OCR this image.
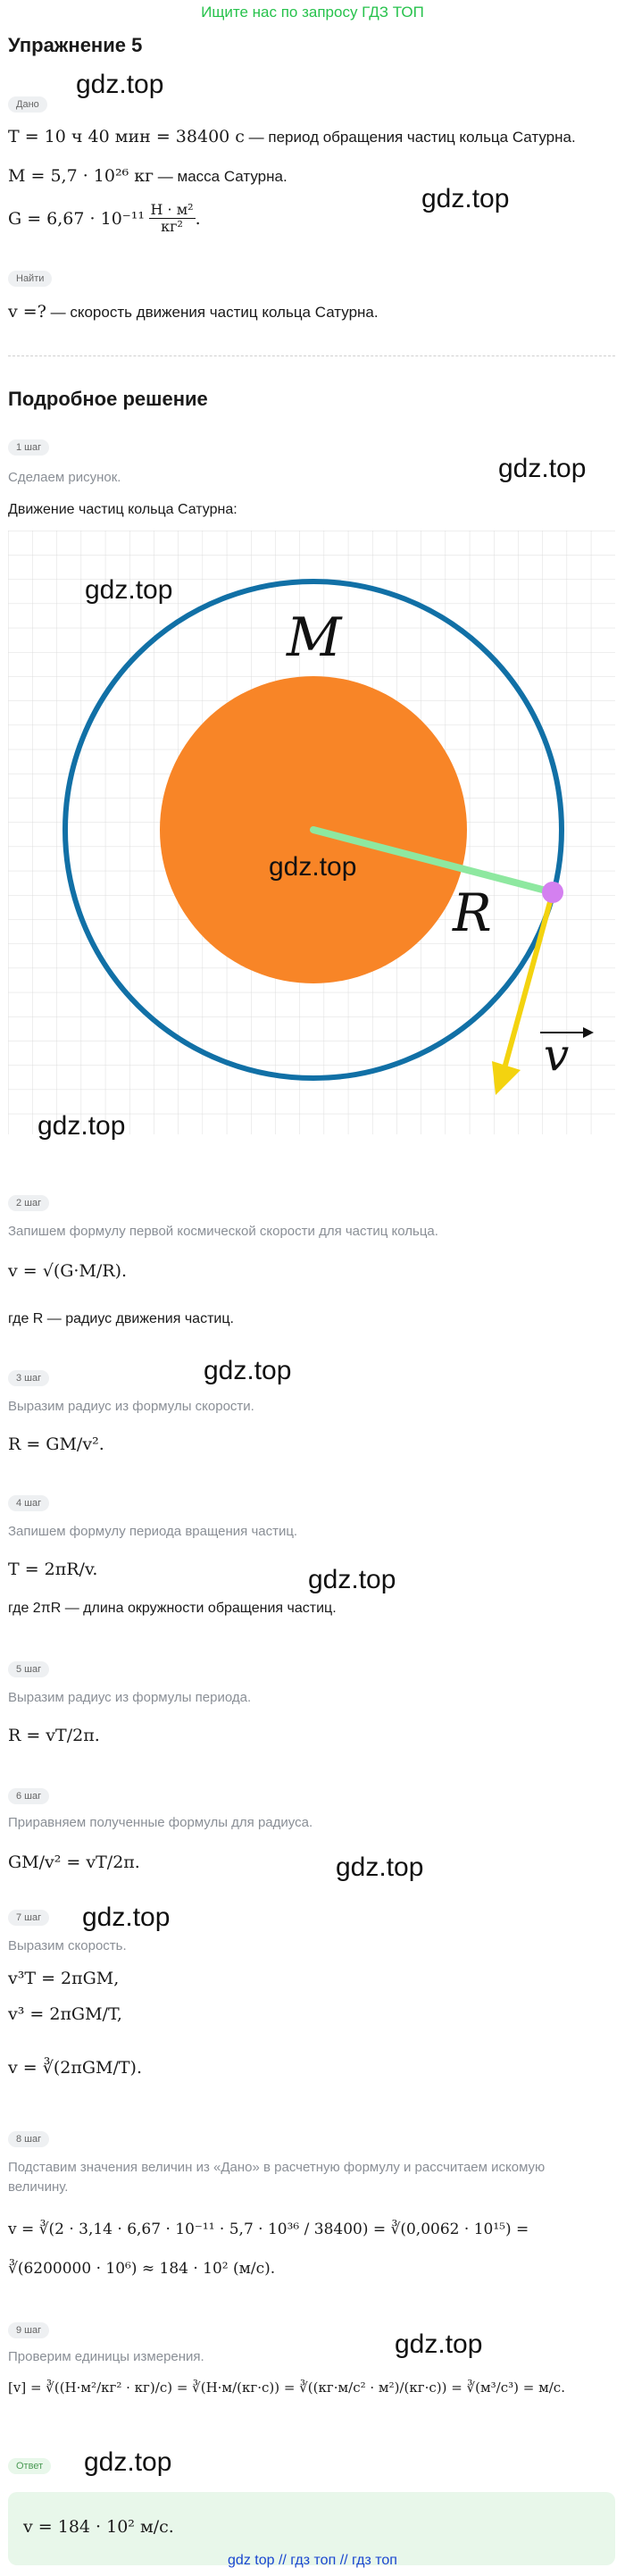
Ищите нас по запросу ГДЗ ТОП
Упражнение 5
Дано
gdz.top
T = 10 ч 40 мин = 38400 с — период обращения частиц кольца Сатурна.
M = 5,7 · 10²⁶ кг — масса Сатурна.
G = 6,67 · 10⁻¹¹
$\frac{\text{Н · м²}}{\text{кг²}}$ .
gdz.top
Найти
v =? — скорость движения частиц кольца Сатурна.
Подробное решение
1 шаг
gdz.top
Сделаем рисунок.
Движение частиц кольца Сатурна:
M
R
v
gdz.top
gdz.top
gdz.top
2 шаг
Запишем формулу первой космической скорости для частиц кольца.
v = √(G·M/R).
где R — радиус движения частиц.
gdz.top
3 шаг
Выразим радиус из формулы скорости.
R = GM/v².
4 шаг
Запишем формулу периода вращения частиц.
T = 2πR/v.	gdz.top
где 2πR — длина окружности обращения частиц.
5 шаг
Выразим радиус из формулы периода.
R = vT/2π.
6 шаг
Приравняем полученные формулы для радиуса.
gdz.top
GM/v² = vT/2π.
7 шаг	gdz.top
Выразим скорость.
v³T = 2πGM,
v³ = 2πGM/T,
v = ∛(2πGM/T).
8 шаг
Подставим значения величин из «Дано» в расчетную формулу и рассчитаем искомую
величину.
v = ∛(2 · 3,14 · 6,67 · 10⁻¹¹ · 5,7 · 10³⁶ / 38400) = ∛(0,0062 · 10¹⁵) =
∛(6200000 · 10⁶) ≈ 184 · 10² (м/с).
9 шаг	gdz.top
Проверим единицы измерения.
[v] = ∛((Н·м²/кг² · кг)/с) = ∛(Н·м/(кг·с)) = ∛((кг·м/с² · м²)/(кг·с)) = ∛(м³/с³) = м/с.
Ответ	gdz.top
v = 184 · 10² м/с.
gdz top // гдз топ // гдз топ
